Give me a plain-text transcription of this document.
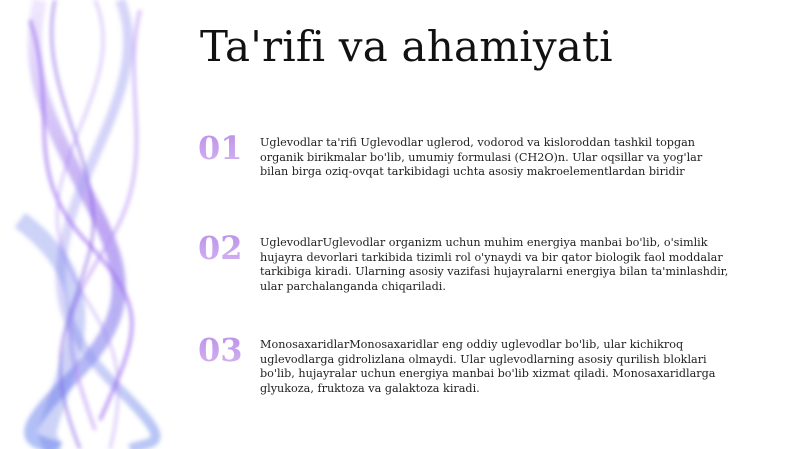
Ta'rifi va ahamiyati
01 Uglevodlar ta'rifi Uglevodlar uglerod, vodorod va kisloroddan tashkil topgan organik birikmalar bo'lib, umumiy formulasi (CH2O)n. Ular oqsillar va yog'lar bilan birga oziq-ovqat tarkibidagi uchta asosiy makroelementlardan biridir

02 UglevodlarUglevodlar organizm uchun muhim energiya manbai bo'lib, o'simlik hujayra devorlari tarkibida tizimli rol o'ynaydi va bir qator biologik faol moddalar tarkibiga kiradi. Ularning asosiy vazifasi hujayralarni energiya bilan ta'minlashdir, ular parchalanganda chiqariladi.

03 MonosaxaridlarMonosaxaridlar eng oddiy uglevodlar bo'lib, ular kichikroq uglevodlarga gidrolizlana olmaydi. Ular uglevodlarning asosiy qurilish bloklari bo'lib, hujayralar uchun energiya manbai bo'lib xizmat qiladi. Monosaxaridlarga glyukoza, fruktoza va galaktoza kiradi.
